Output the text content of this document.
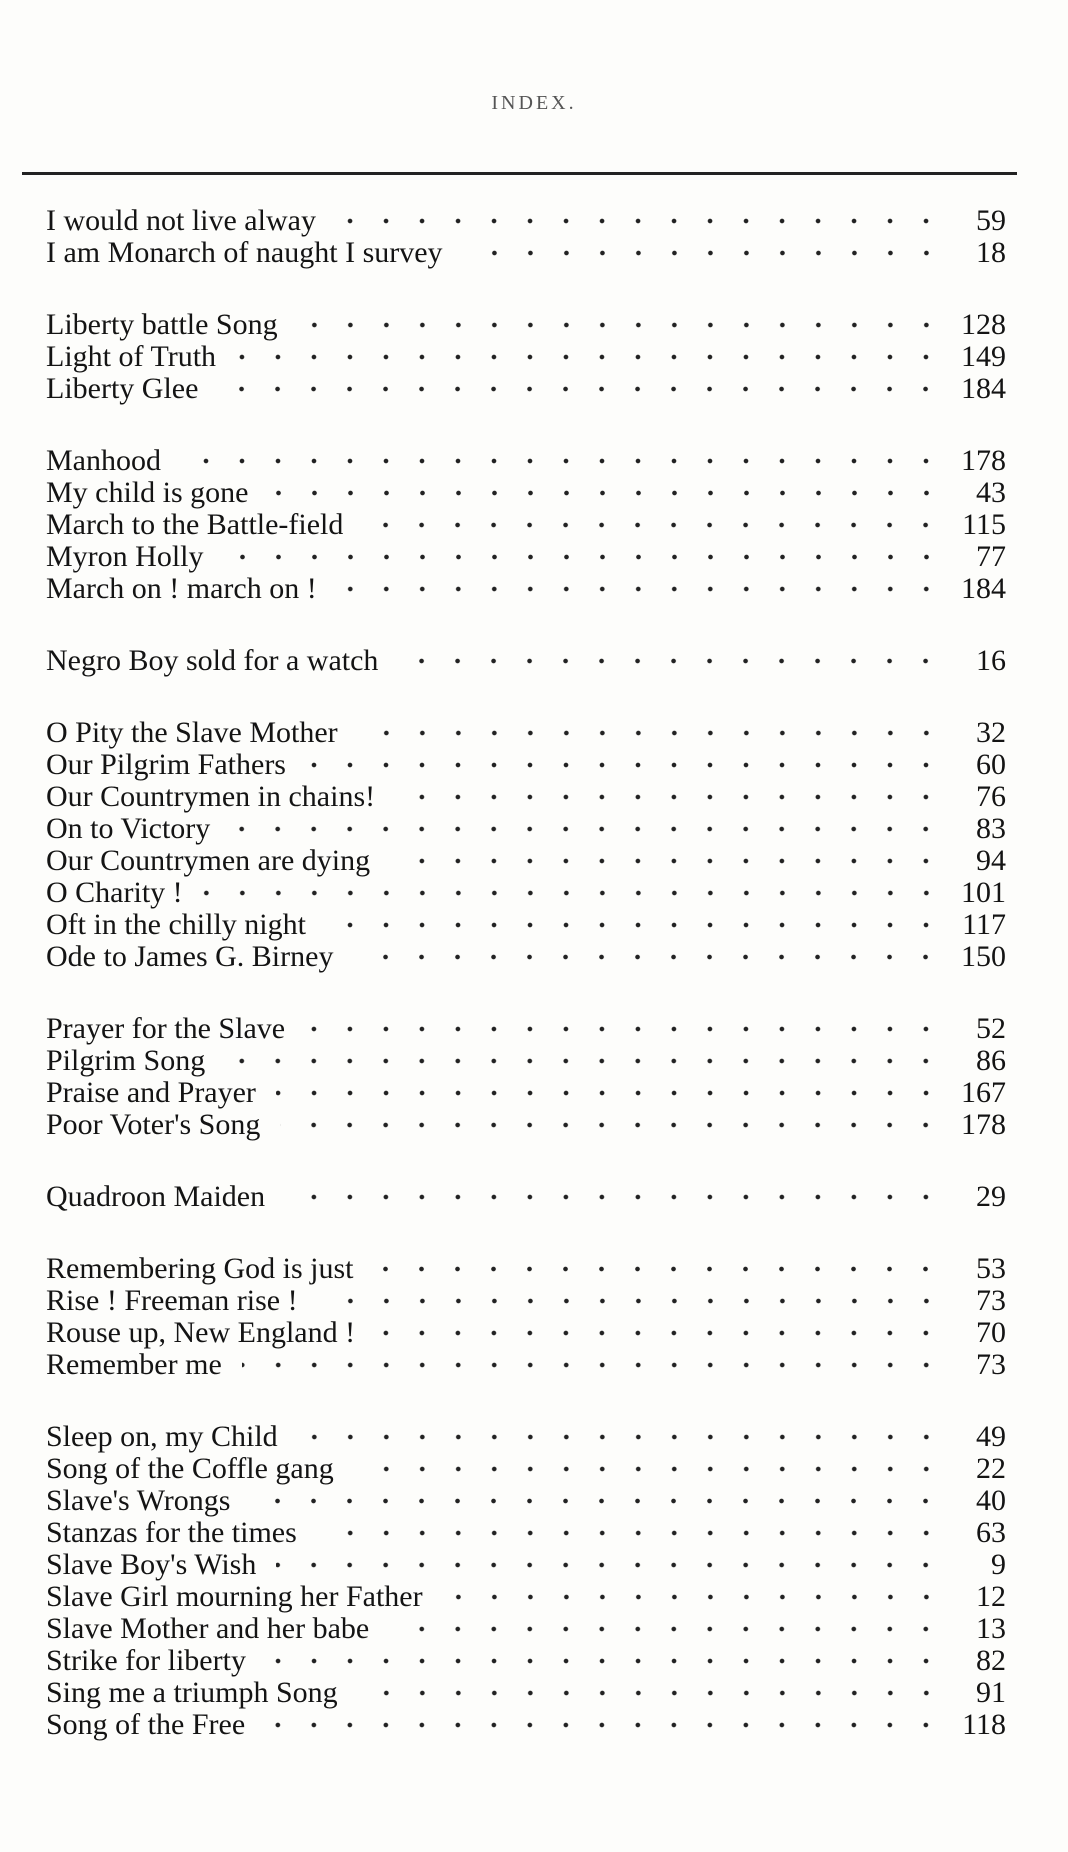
INDEX.
I would not live alway	59
I am Monarch of naught I survey	18
Liberty battle Song	128
Light of Truth	149
Liberty Glee	184
Manhood	178
My child is gone	43
March to the Battle-field	115
Myron Holly	77
March on ! march on !	184
Negro Boy sold for a watch	16
O Pity the Slave Mother	32
Our Pilgrim Fathers	60
Our Countrymen in chains!	76
On to Victory	83
Our Countrymen are dying	94
O Charity !	101
Oft in the chilly night	117
Ode to James G. Birney	150
Prayer for the Slave	52
Pilgrim Song	86
Praise and Prayer	167
Poor Voter's Song	178
Quadroon Maiden	29
Remembering God is just	53
Rise ! Freeman rise !	73
Rouse up, New England !	70
Remember me	73
Sleep on, my Child	49
Song of the Coffle gang	22
Slave's Wrongs	40
Stanzas for the times	63
Slave Boy's Wish	9
Slave Girl mourning her Father	12
Slave Mother and her babe	13
Strike for liberty	82
Sing me a triumph Song	91
Song of the Free	118
